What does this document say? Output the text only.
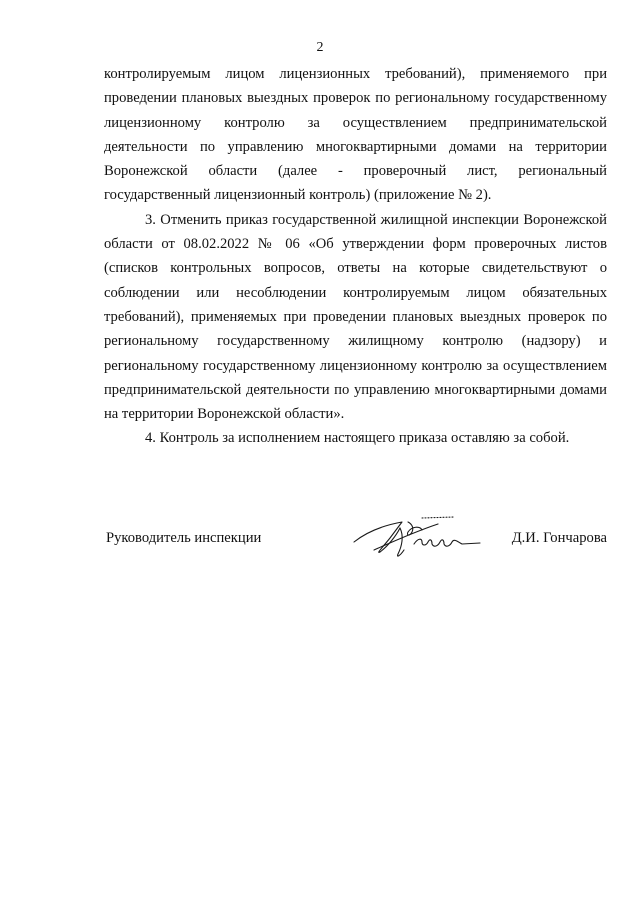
2

контролируемым лицом лицензионных требований), применяемого при проведении плановых выездных проверок по региональному государственному лицензионному контролю за осуществлением предпринимательской деятельности по управлению многоквартирными домами на территории Воронежской области (далее - проверочный лист, региональный государственный лицензионный контроль) (приложение № 2).

3. Отменить приказ государственной жилищной инспекции Воронежской области от 08.02.2022 № 06 «Об утверждении форм проверочных листов (списков контрольных вопросов, ответы на которые свидетельствуют о соблюдении или несоблюдении контролируемым лицом обязательных требований), применяемых при проведении плановых выездных проверок по региональному государственному жилищному контролю (надзору) и региональному государственному лицензионному контролю за осуществлением предпринимательской деятельности по управлению многоквартирными домами на территории Воронежской области».

4. Контроль за исполнением настоящего приказа оставляю за собой.

Руководитель инспекции	Д.И. Гончарова
